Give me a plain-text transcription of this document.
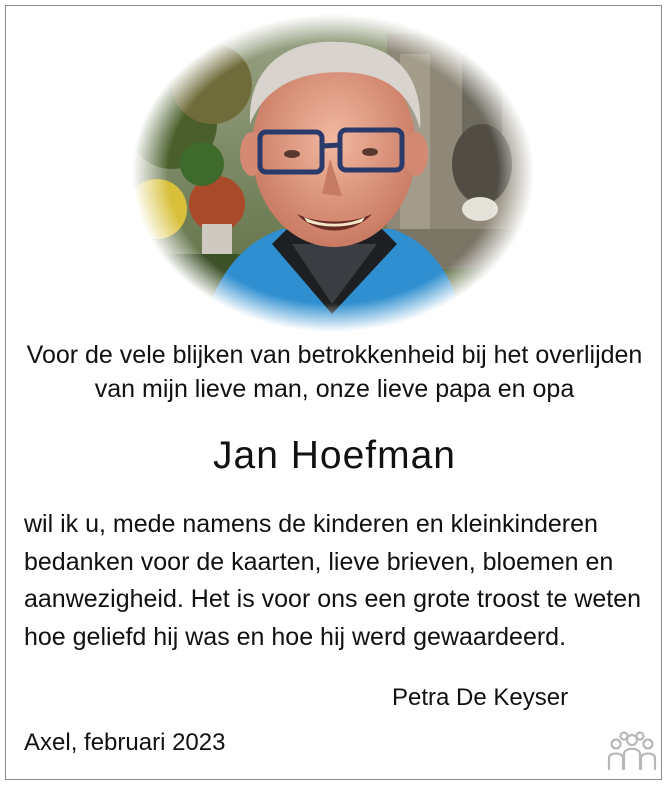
Voor de vele blijken van betrokkenheid bij het overlijden
van mijn lieve man, onze lieve papa en opa
Jan Hoefman
wil ik u, mede namens de kinderen en kleinkinderen
bedanken voor de kaarten, lieve brieven, bloemen en
aanwezigheid. Het is voor ons een grote troost te weten
hoe geliefd hij was en hoe hij werd gewaardeerd.
Petra De Keyser
Axel, februari 2023
